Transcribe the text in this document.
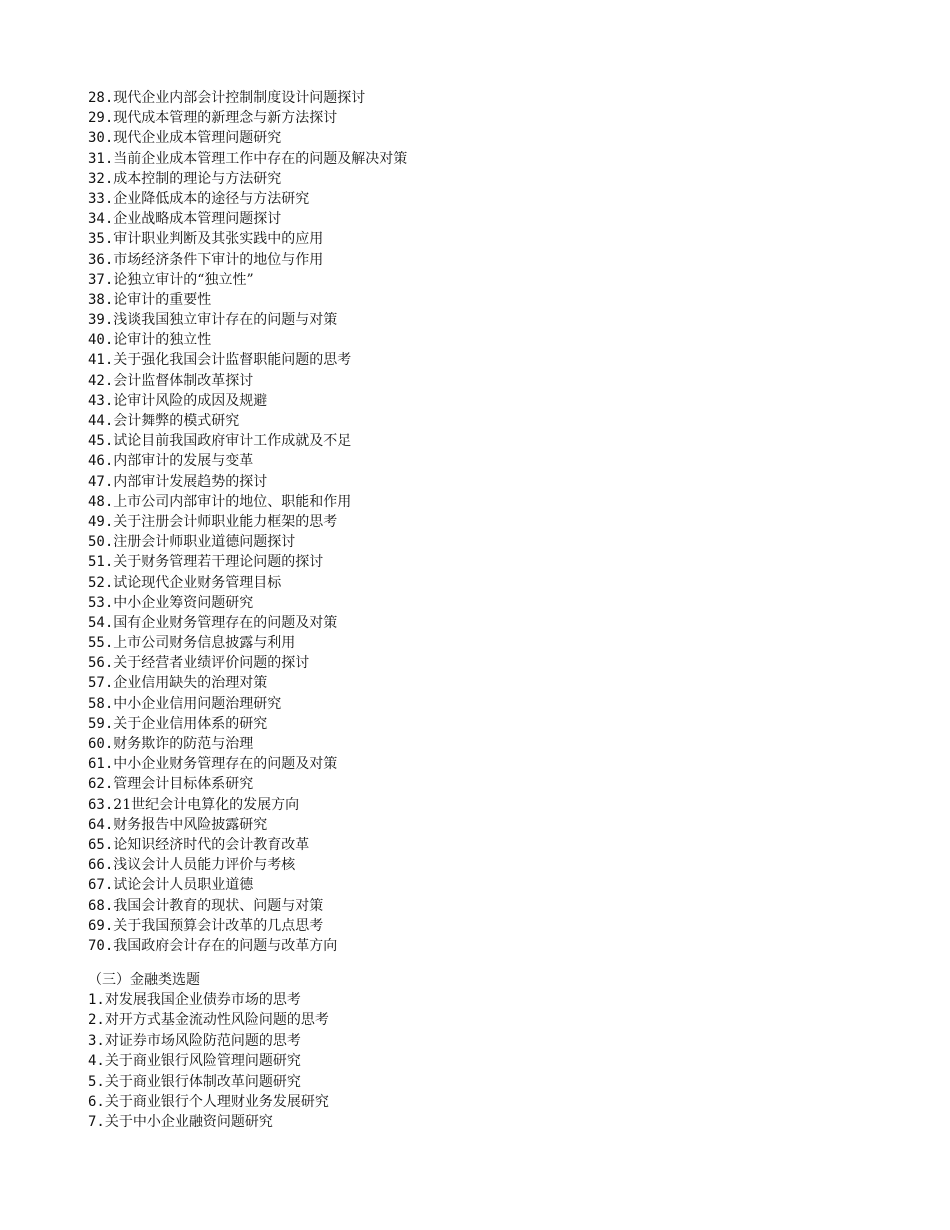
28.现代企业内部会计控制制度设计问题探讨
29.现代成本管理的新理念与新方法探讨
30.现代企业成本管理问题研究
31.当前企业成本管理工作中存在的问题及解决对策
32.成本控制的理论与方法研究
33.企业降低成本的途径与方法研究
34.企业战略成本管理问题探讨
35.审计职业判断及其张实践中的应用
36.市场经济条件下审计的地位与作用
37.论独立审计的“独立性”
38.论审计的重要性
39.浅谈我国独立审计存在的问题与对策
40.论审计的独立性
41.关于强化我国会计监督职能问题的思考
42.会计监督体制改革探讨
43.论审计风险的成因及规避
44.会计舞弊的模式研究
45.试论目前我国政府审计工作成就及不足
46.内部审计的发展与变革
47.内部审计发展趋势的探讨
48.上市公司内部审计的地位、职能和作用
49.关于注册会计师职业能力框架的思考
50.注册会计师职业道德问题探讨
51.关于财务管理若干理论问题的探讨
52.试论现代企业财务管理目标
53.中小企业筹资问题研究
54.国有企业财务管理存在的问题及对策
55.上市公司财务信息披露与利用
56.关于经营者业绩评价问题的探讨
57.企业信用缺失的治理对策
58.中小企业信用问题治理研究
59.关于企业信用体系的研究
60.财务欺诈的防范与治理
61.中小企业财务管理存在的问题及对策
62.管理会计目标体系研究
63.21世纪会计电算化的发展方向
64.财务报告中风险披露研究
65.论知识经济时代的会计教育改革
66.浅议会计人员能力评价与考核
67.试论会计人员职业道德
68.我国会计教育的现状、问题与对策
69.关于我国预算会计改革的几点思考
70.我国政府会计存在的问题与改革方向
（三）金融类选题
1.对发展我国企业债券市场的思考
2.对开方式基金流动性风险问题的思考
3.对证券市场风险防范问题的思考
4.关于商业银行风险管理问题研究
5.关于商业银行体制改革问题研究
6.关于商业银行个人理财业务发展研究
7.关于中小企业融资问题研究
